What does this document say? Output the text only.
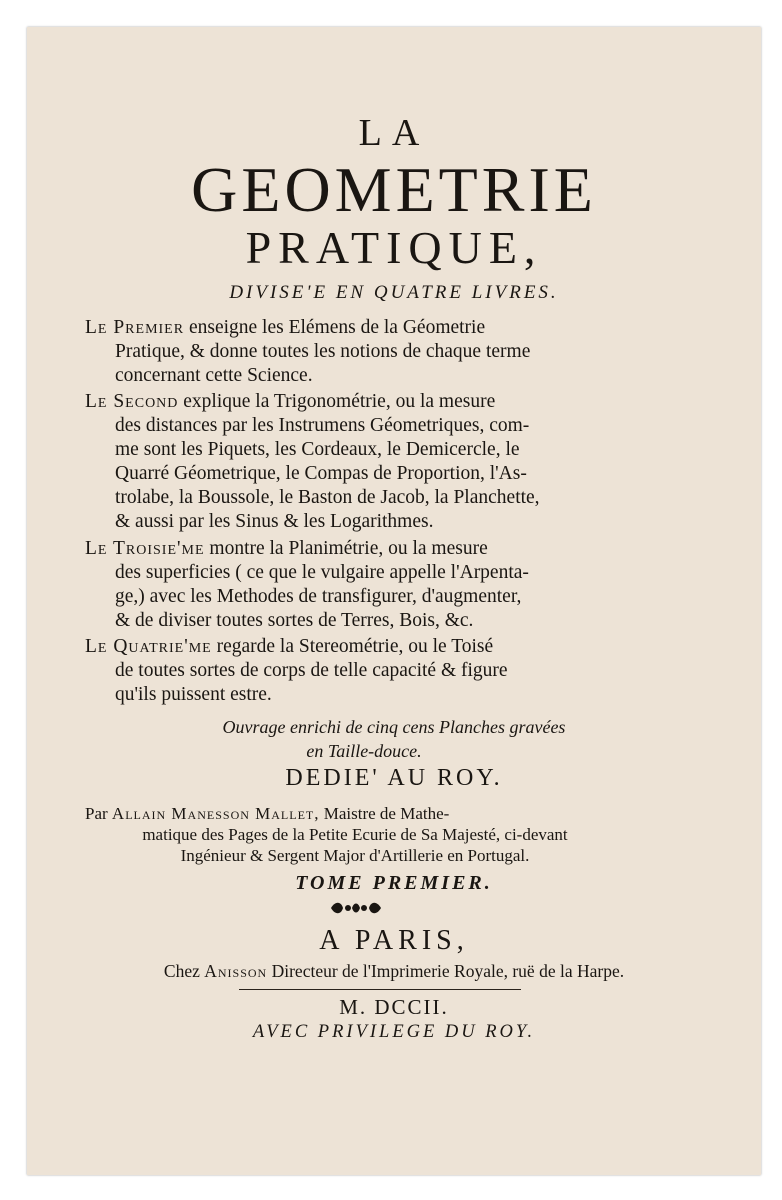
LA
GEOMETRIE
PRATIQUE,
DIVISE'E EN QUATRE LIVRES.
Le Premier enseigne les Elémens de la Géometrie
Pratique, & donne toutes les notions de chaque terme
concernant cette Science.
Le Second explique la Trigonométrie, ou la mesure
des distances par les Instrumens Géometriques, com-
me sont les Piquets, les Cordeaux, le Demicercle, le
Quarré Géometrique, le Compas de Proportion, l'As-
trolabe, la Boussole, le Baston de Jacob, la Planchette,
& aussi par les Sinus & les Logarithmes.
Le Troisie'me montre la Planimétrie, ou la mesure
des superficies ( ce que le vulgaire appelle l'Arpenta-
ge,) avec les Methodes de transfigurer, d'augmenter,
& de diviser toutes sortes de Terres, Bois, &c.
Le Quatrie'me regarde la Stereométrie, ou le Toisé
de toutes sortes de corps de telle capacité & figure
qu'ils puissent estre.
Ouvrage enrichi de cinq cens Planches gravées
en Taille-douce.
DEDIE' AU ROY.
Par Allain Manesson Mallet, Maistre de Mathe-
matique des Pages de la Petite Ecurie de Sa Majesté, ci-devant
Ingénieur & Sergent Major d'Artillerie en Portugal.
TOME PREMIER.
A PARIS,
Chez Anisson Directeur de l'Imprimerie Royale, ruë de la Harpe.
M. DCCII.
AVEC PRIVILEGE DU ROY.
